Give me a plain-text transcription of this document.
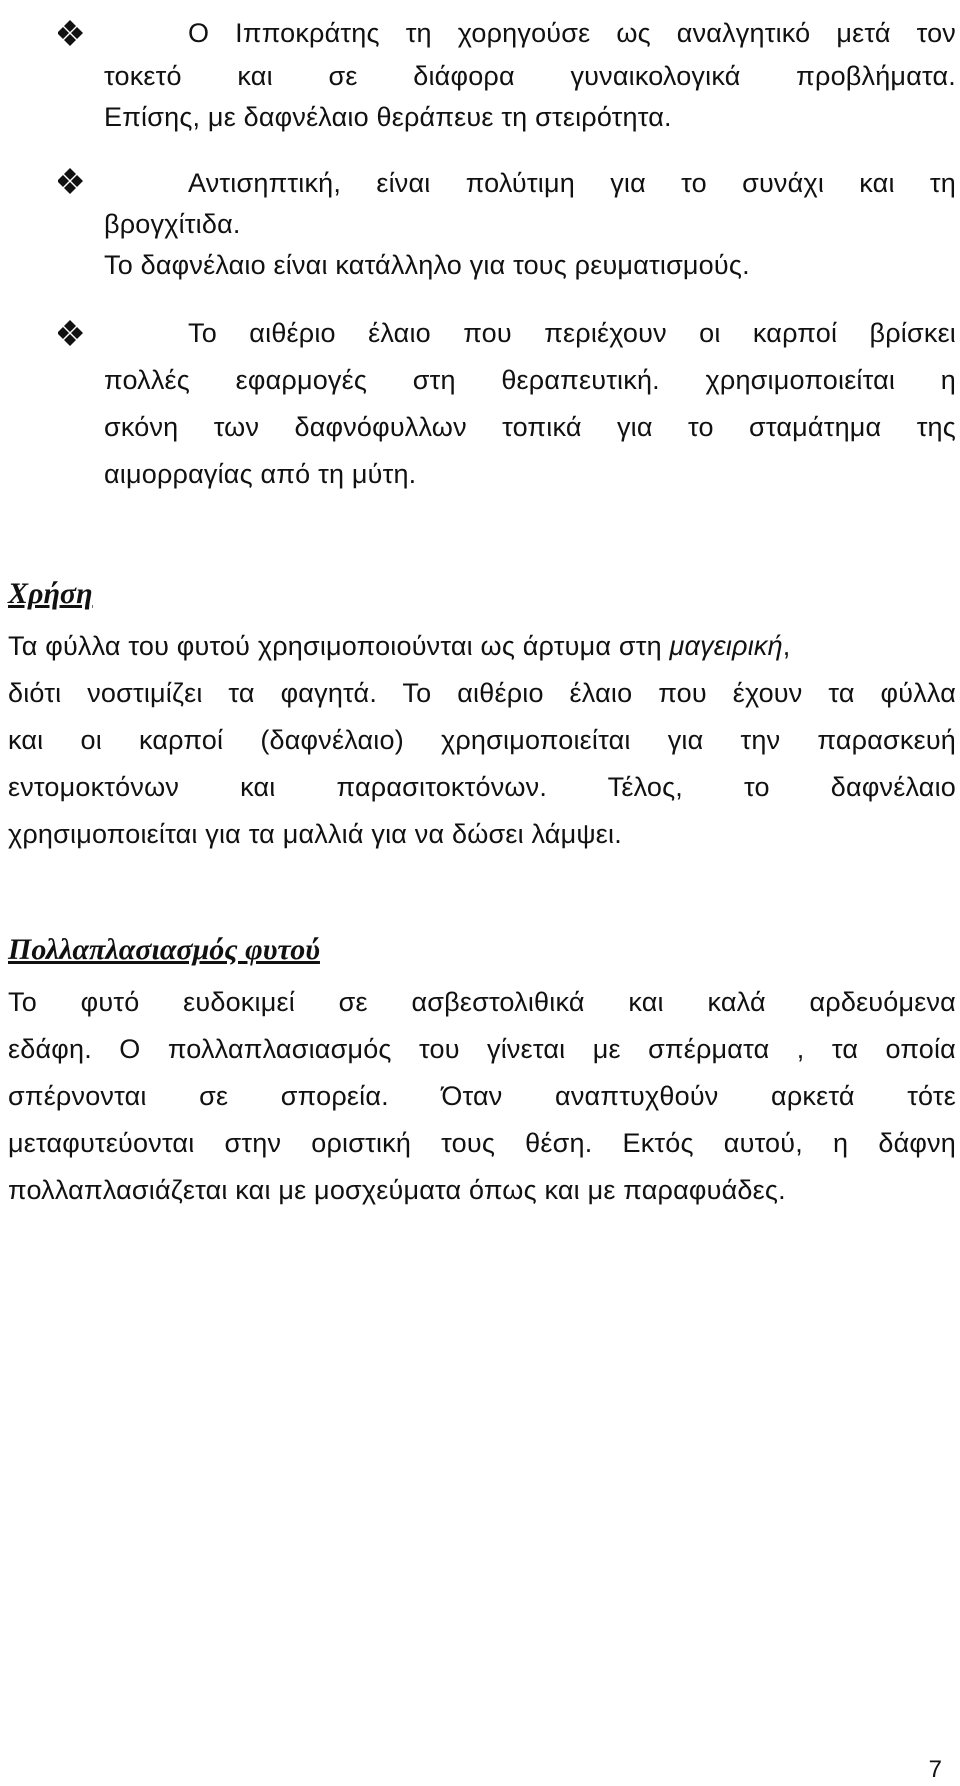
Ο Ιπποκράτης τη χορηγούσε ως αναλγητικό μετά τον
τοκετό και σε διάφορα γυναικολογικά προβλήματα.
Επίσης, με δαφνέλαιο θεράπευε τη στειρότητα.
Αντισηπτική, είναι πολύτιμη για το συνάχι και τη
βρογχίτιδα.
Το δαφνέλαιο είναι κατάλληλο για τους ρευματισμούς.
Το αιθέριο έλαιο που περιέχουν οι καρποί βρίσκει
πολλές εφαρμογές στη θεραπευτική. χρησιμοποιείται η
σκόνη των δαφνόφυλλων τοπικά για το σταμάτημα της
αιμορραγίας από τη μύτη.
Χρήση
Τα φύλλα του φυτού χρησιμοποιούνται ως άρτυμα στη μαγειρική,
διότι νοστιμίζει τα φαγητά. Το αιθέριο έλαιο που έχουν τα φύλλα
και οι καρποί (δαφνέλαιο) χρησιμοποιείται για την παρασκευή
εντομοκτόνων και παρασιτοκτόνων. Τέλος, το δαφνέλαιο
χρησιμοποιείται για τα μαλλιά για να δώσει λάμψει.
Πολλαπλασιασμός φυτού
Το φυτό ευδοκιμεί σε ασβεστολιθικά και καλά αρδευόμενα
εδάφη. Ο πολλαπλασιασμός του γίνεται με σπέρματα , τα οποία
σπέρνονται σε σπορεία. Όταν αναπτυχθούν αρκετά τότε
μεταφυτεύονται στην οριστική τους θέση. Εκτός αυτού, η δάφνη
πολλαπλασιάζεται και με μοσχεύματα όπως και με παραφυάδες.
7
